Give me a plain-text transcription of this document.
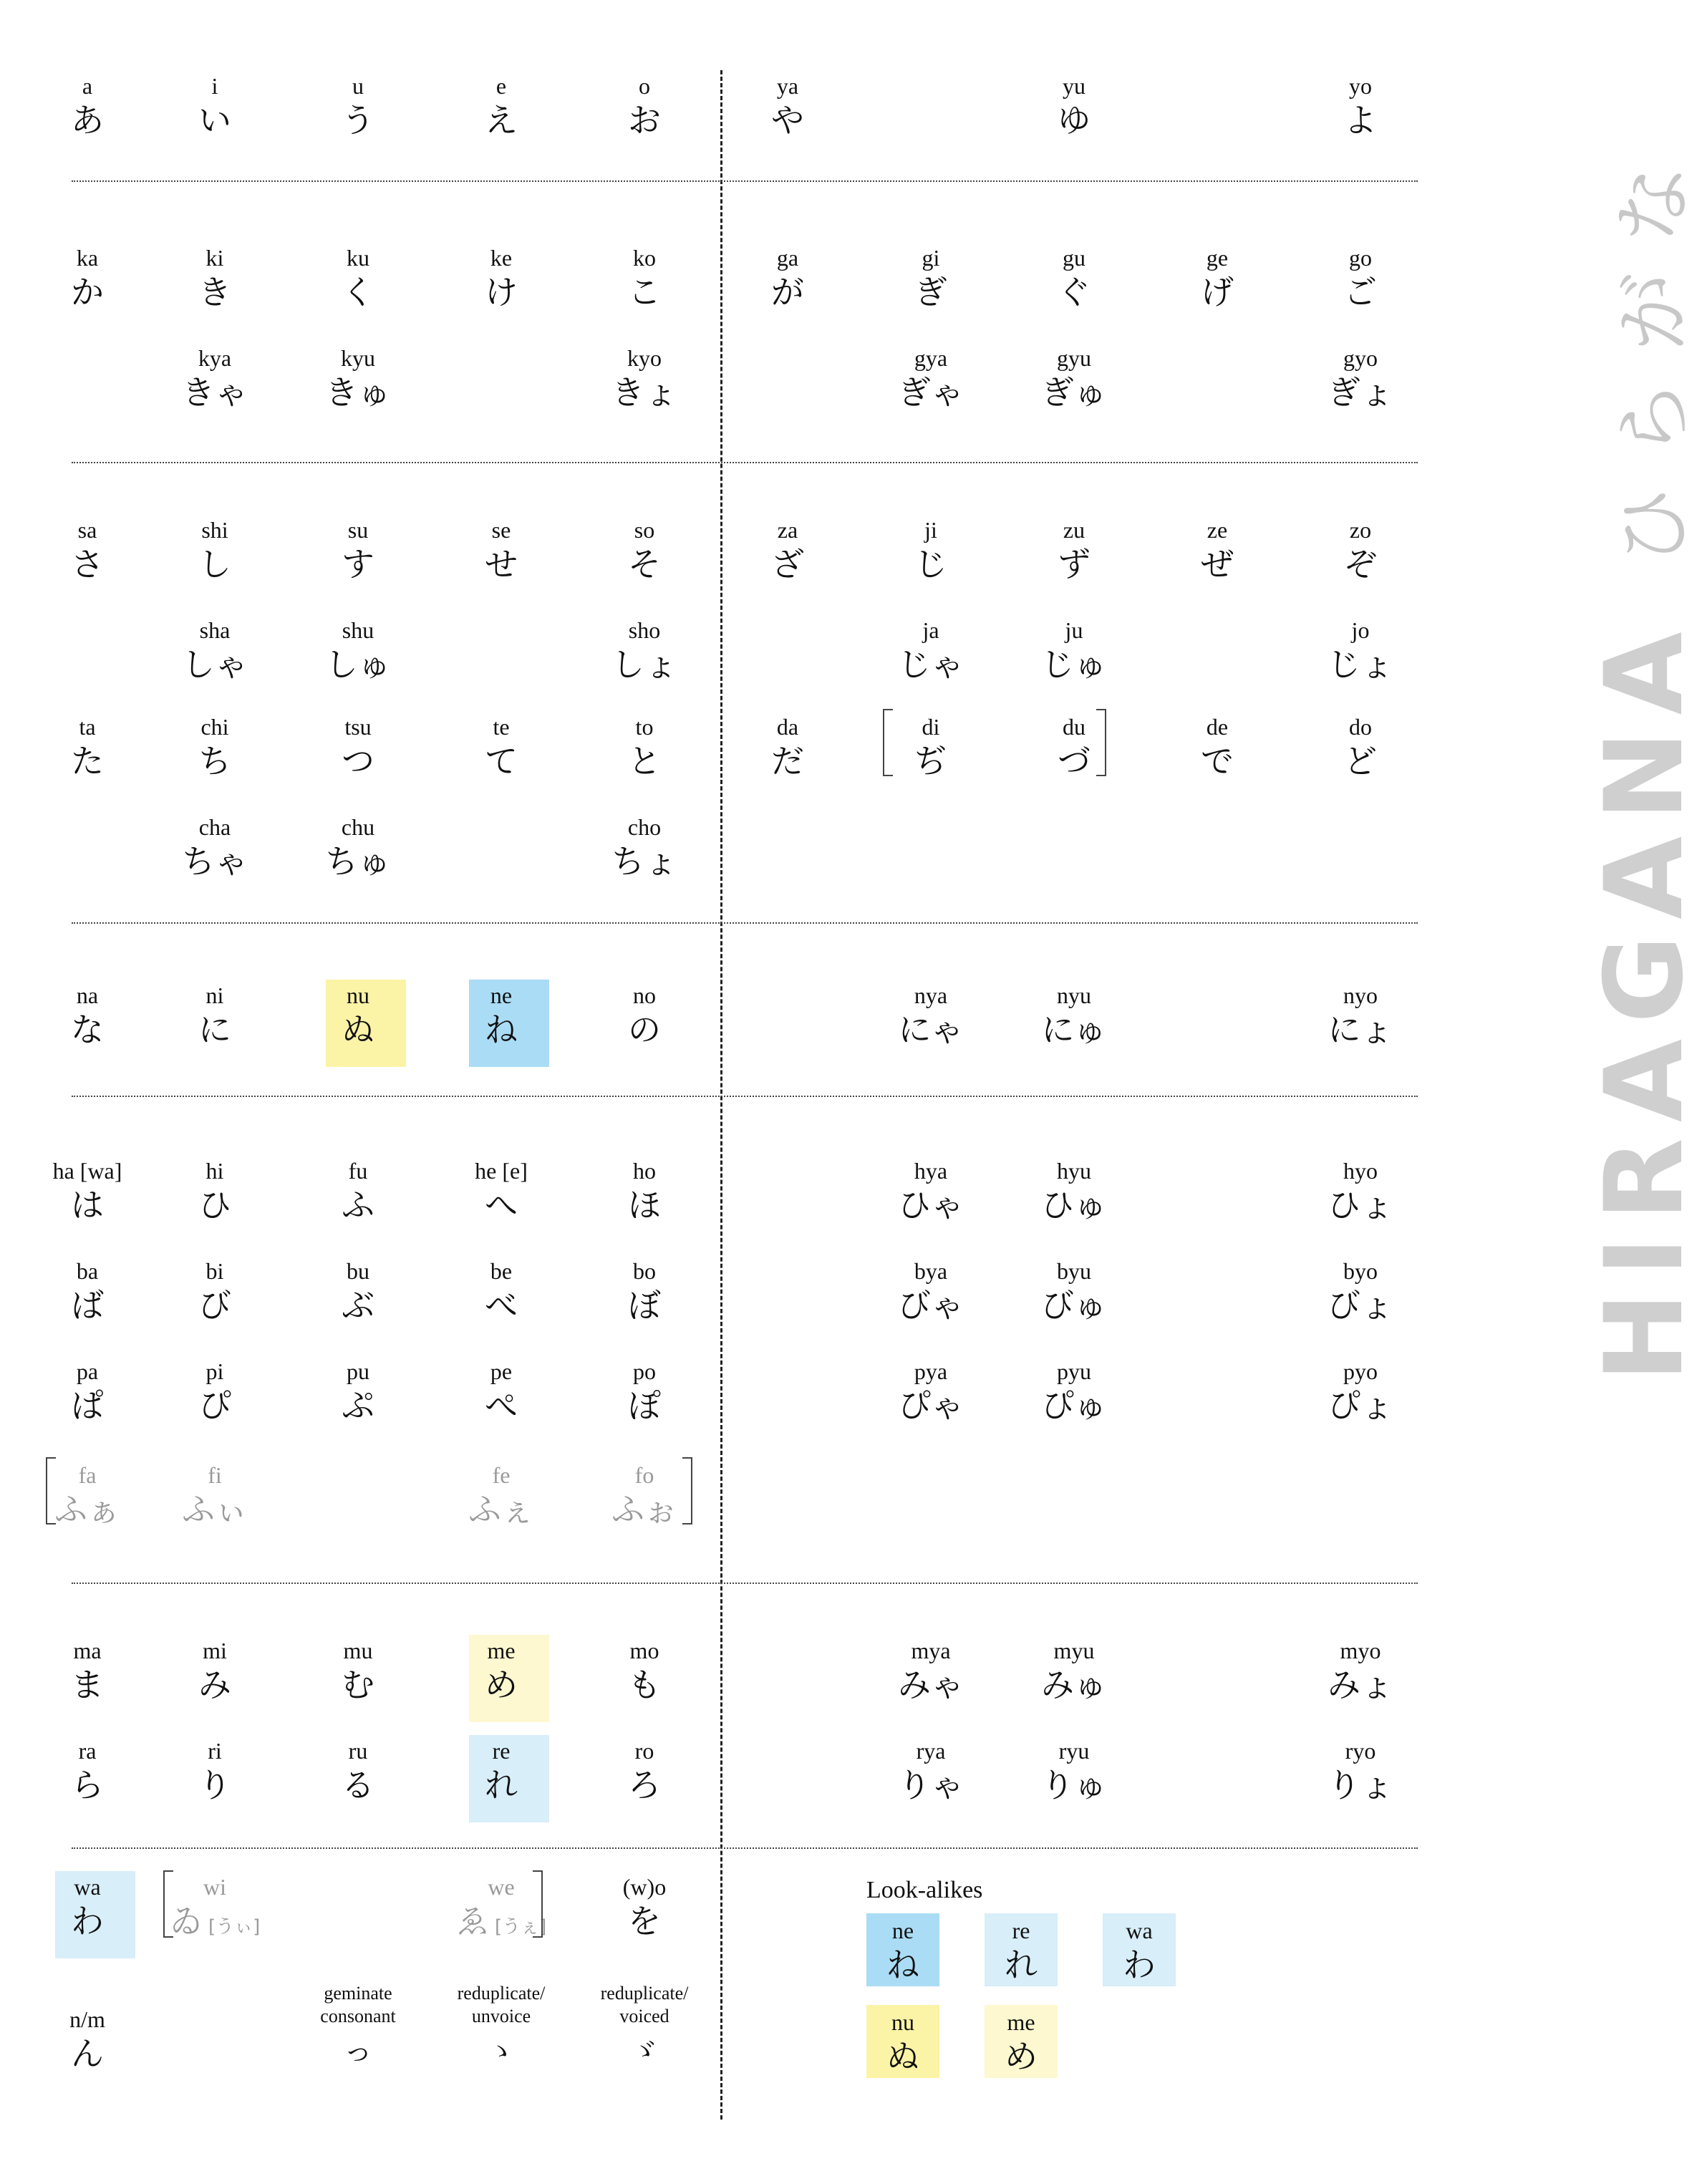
HIRAGANAひらがな
Look-alikes
a
あ
i
い
u
う
e
え
o
お
ya
や
yu
ゆ
yo
よ
ka
か
ki
き
ku
く
ke
け
ko
こ
ga
が
gi
ぎ
gu
ぐ
ge
げ
go
ご
kya
きゃ
kyu
きゅ
kyo
きょ
gya
ぎゃ
gyu
ぎゅ
gyo
ぎょ
sa
さ
shi
し
su
す
se
せ
so
そ
za
ざ
ji
じ
zu
ず
ze
ぜ
zo
ぞ
sha
しゃ
shu
しゅ
sho
しょ
ja
じゃ
ju
じゅ
jo
じょ
ta
た
chi
ち
tsu
つ
te
て
to
と
da
だ
di
ぢ
du
づ
de
で
do
ど
cha
ちゃ
chu
ちゅ
cho
ちょ
na
な
ni
に
nu
ぬ
ne
ね
no
の
nya
にゃ
nyu
にゅ
nyo
にょ
ha [wa]
は
hi
ひ
fu
ふ
he [e]
へ
ho
ほ
hya
ひゃ
hyu
ひゅ
hyo
ひょ
ba
ば
bi
び
bu
ぶ
be
べ
bo
ぼ
bya
びゃ
byu
びゅ
byo
びょ
pa
ぱ
pi
ぴ
pu
ぷ
pe
ぺ
po
ぽ
pya
ぴゃ
pyu
ぴゅ
pyo
ぴょ
fa
ふぁ
fi
ふぃ
fe
ふぇ
fo
ふぉ
ma
ま
mi
み
mu
む
me
め
mo
も
mya
みゃ
myu
みゅ
myo
みょ
ra
ら
ri
り
ru
る
re
れ
ro
ろ
rya
りゃ
ryu
りゅ
ryo
りょ
wa
わ
wi
ゐ [うぃ]
we
ゑ [うぇ]
(w)o
を
n/m
ん
geminate
consonant
っ
reduplicate/
unvoice
ゝ
reduplicate/
voiced
ゞ
ne
ね
re
れ
wa
わ
nu
ぬ
me
め
